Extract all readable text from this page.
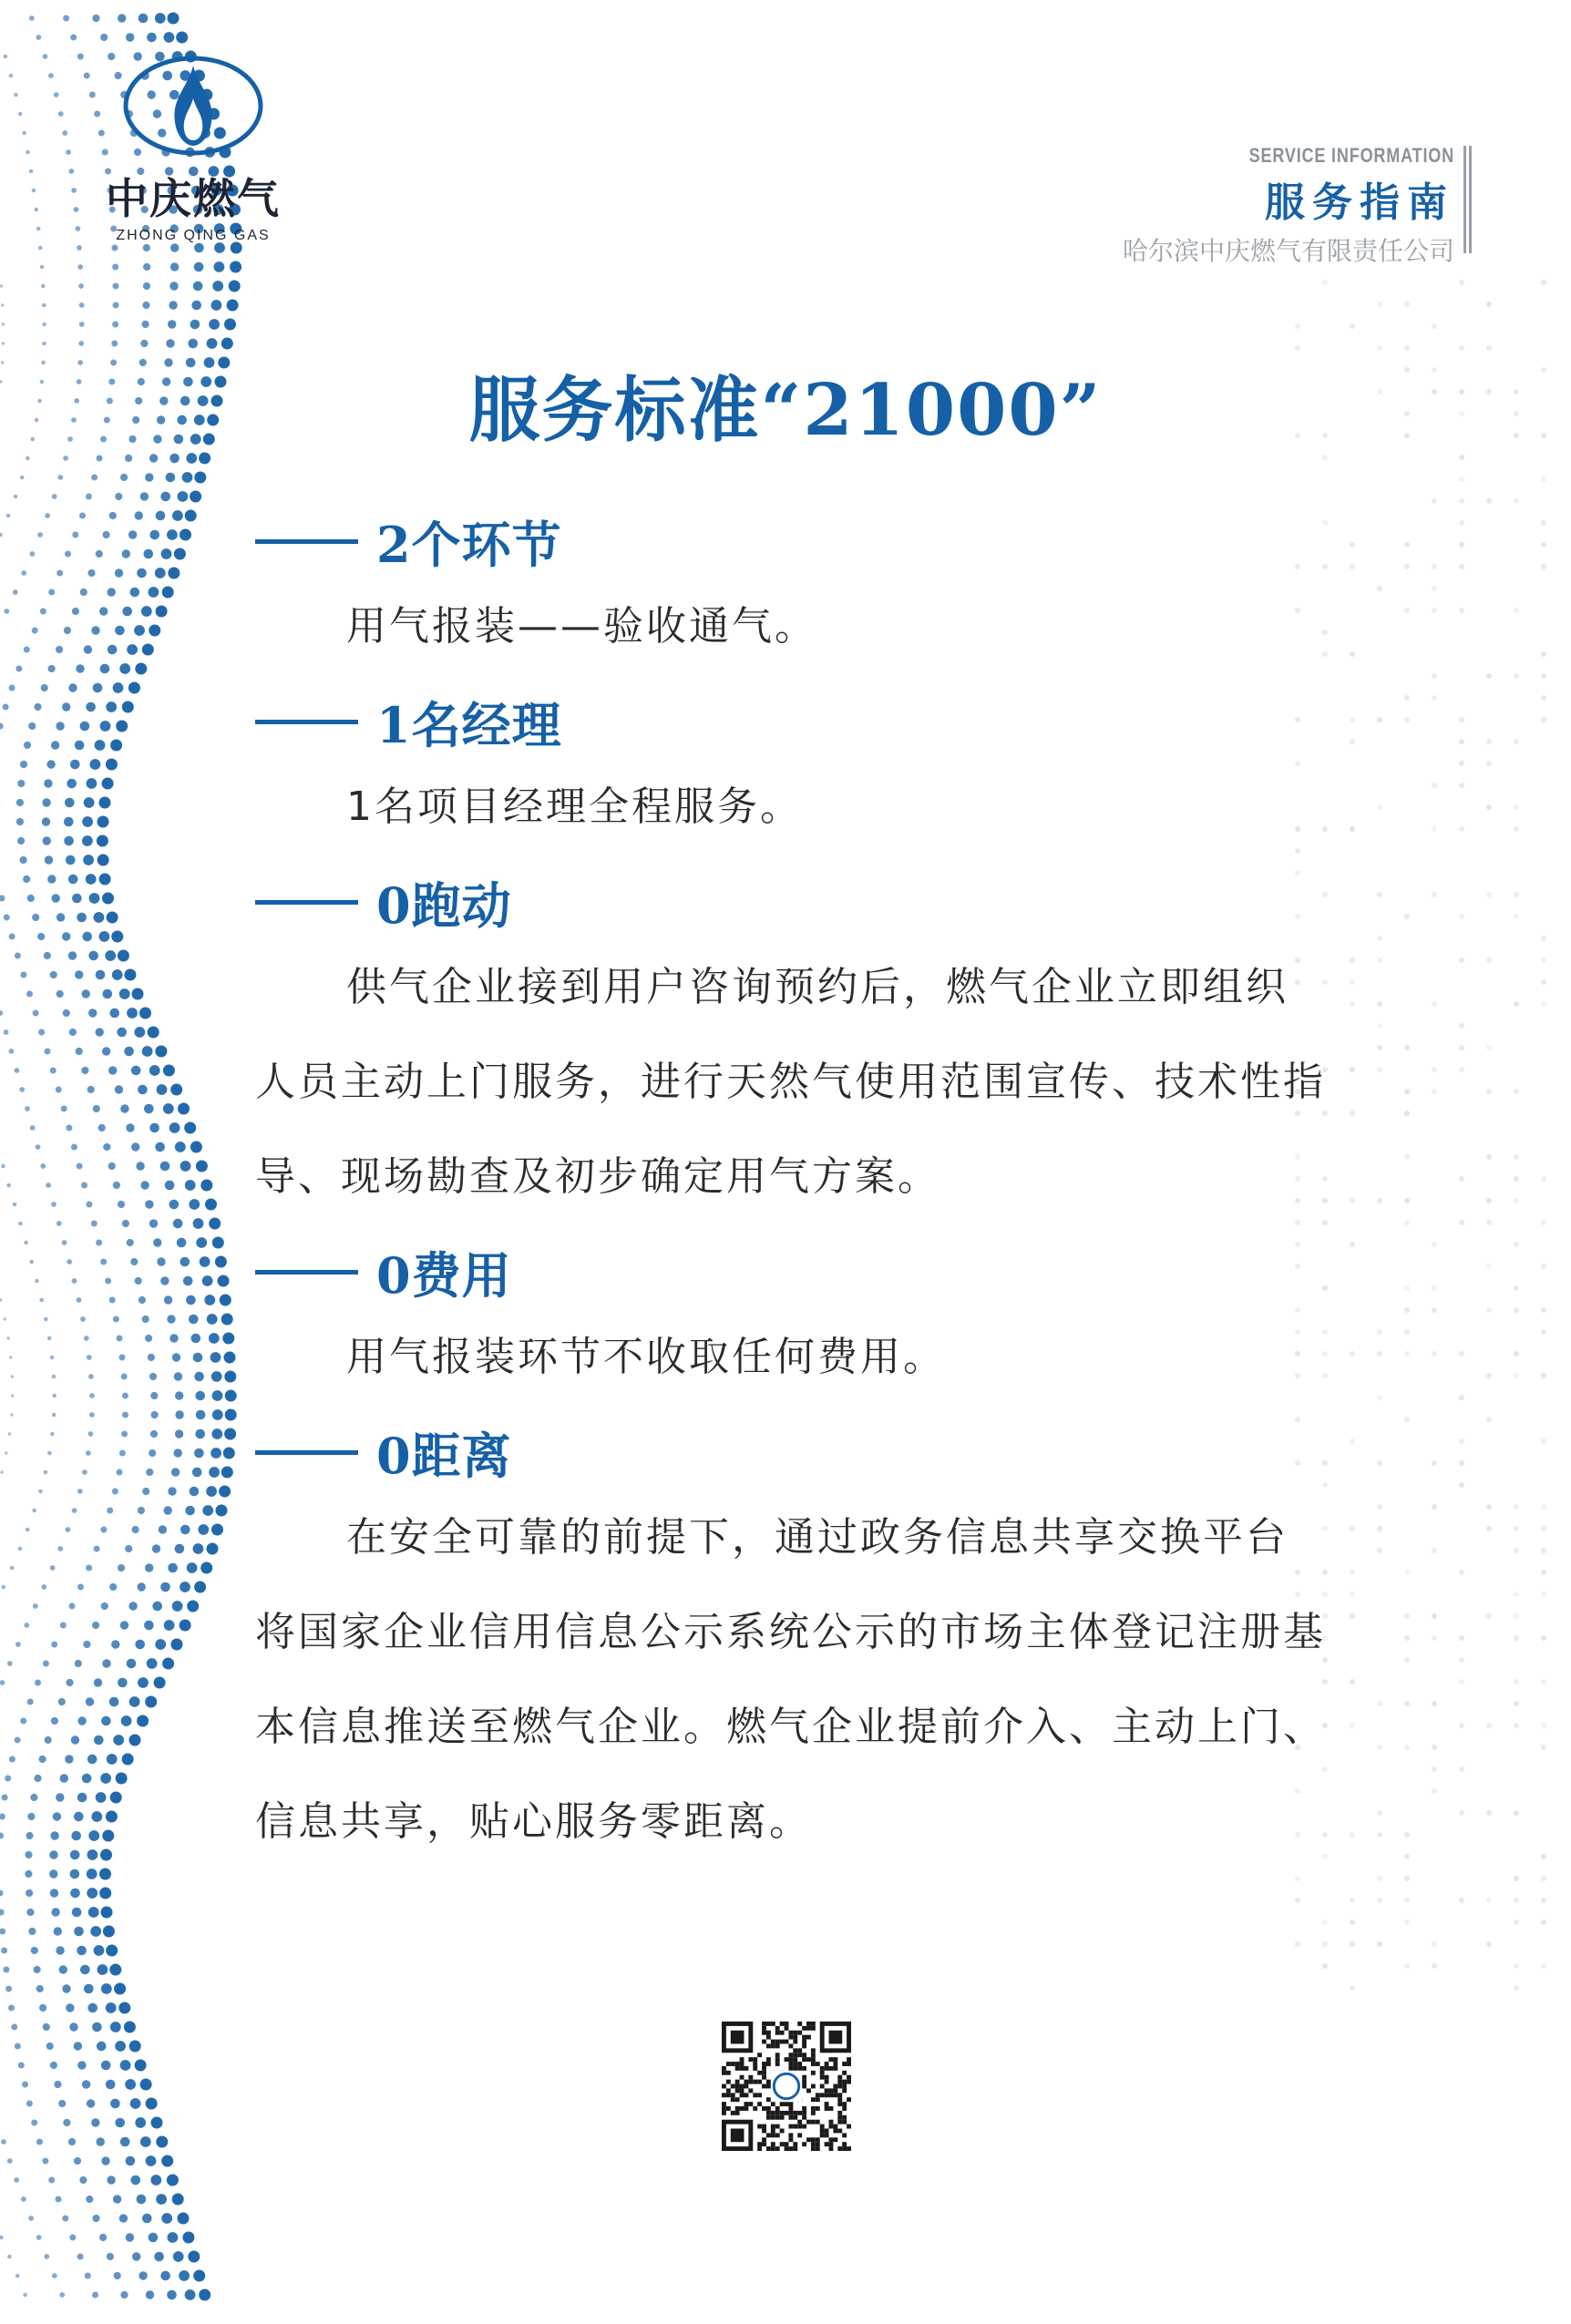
中庆燃气
ZHONG QING GAS
SERVICE INFORMATION
服务指南
哈尔滨中庆燃气有限责任公司
服务标准“21000”
2个环节

用气报装——验收通气。

1名经理

1名项目经理全程服务。

0跑动

供气企业接到用户咨询预约后，燃气企业立即组织人员主动上门服务，进行天然气使用范围宣传、技术性指导、现场勘查及初步确定用气方案。

0费用

用气报装环节不收取任何费用。

0距离

在安全可靠的前提下，通过政务信息共享交换平台将国家企业信用信息公示系统公示的市场主体登记注册基本信息推送至燃气企业。燃气企业提前介入、主动上门、信息共享，贴心服务零距离。
